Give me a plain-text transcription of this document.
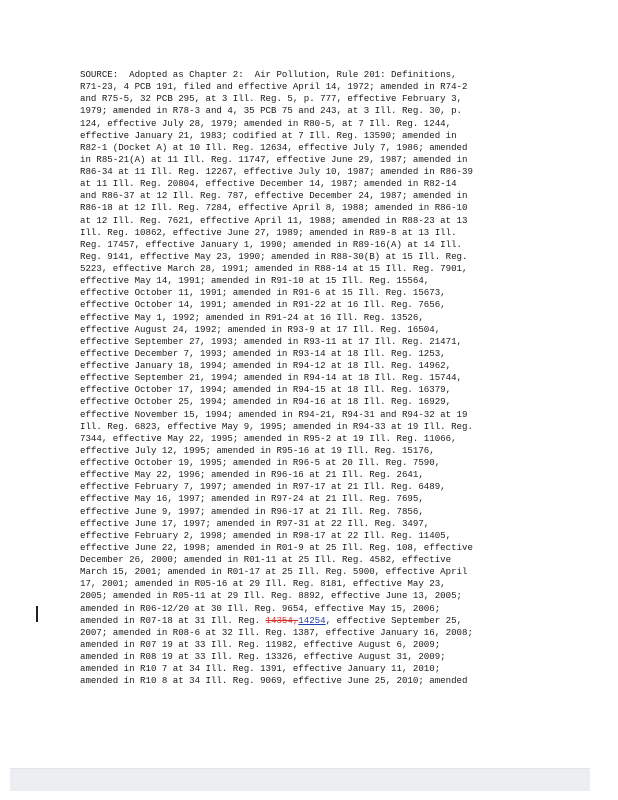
SOURCE:  Adopted as Chapter 2:  Air Pollution, Rule 201: Definitions,
R71-23, 4 PCB 191, filed and effective April 14, 1972; amended in R74-2
and R75-5, 32 PCB 295, at 3 Ill. Reg. 5, p. 777, effective February 3,
1979; amended in R78-3 and 4, 35 PCB 75 and 243, at 3 Ill. Reg. 30, p.
124, effective July 28, 1979; amended in R80-5, at 7 Ill. Reg. 1244,
effective January 21, 1983; codified at 7 Ill. Reg. 13590; amended in
R82-1 (Docket A) at 10 Ill. Reg. 12634, effective July 7, 1986; amended
in R85-21(A) at 11 Ill. Reg. 11747, effective June 29, 1987; amended in
R86-34 at 11 Ill. Reg. 12267, effective July 10, 1987; amended in R86-39
at 11 Ill. Reg. 20804, effective December 14, 1987; amended in R82-14
and R86-37 at 12 Ill. Reg. 787, effective December 24, 1987; amended in
R86-18 at 12 Ill. Reg. 7284, effective April 8, 1988; amended in R86-10
at 12 Ill. Reg. 7621, effective April 11, 1988; amended in R88-23 at 13
Ill. Reg. 10862, effective June 27, 1989; amended in R89-8 at 13 Ill.
Reg. 17457, effective January 1, 1990; amended in R89-16(A) at 14 Ill.
Reg. 9141, effective May 23, 1990; amended in R88-30(B) at 15 Ill. Reg.
5223, effective March 28, 1991; amended in R88-14 at 15 Ill. Reg. 7901,
effective May 14, 1991; amended in R91-10 at 15 Ill. Reg. 15564,
effective October 11, 1991; amended in R91-6 at 15 Ill. Reg. 15673,
effective October 14, 1991; amended in R91-22 at 16 Ill. Reg. 7656,
effective May 1, 1992; amended in R91-24 at 16 Ill. Reg. 13526,
effective August 24, 1992; amended in R93-9 at 17 Ill. Reg. 16504,
effective September 27, 1993; amended in R93-11 at 17 Ill. Reg. 21471,
effective December 7, 1993; amended in R93-14 at 18 Ill. Reg. 1253,
effective January 18, 1994; amended in R94-12 at 18 Ill. Reg. 14962,
effective September 21, 1994; amended in R94-14 at 18 Ill. Reg. 15744,
effective October 17, 1994; amended in R94-15 at 18 Ill. Reg. 16379,
effective October 25, 1994; amended in R94-16 at 18 Ill. Reg. 16929,
effective November 15, 1994; amended in R94-21, R94-31 and R94-32 at 19
Ill. Reg. 6823, effective May 9, 1995; amended in R94-33 at 19 Ill. Reg.
7344, effective May 22, 1995; amended in R95-2 at 19 Ill. Reg. 11066,
effective July 12, 1995; amended in R95-16 at 19 Ill. Reg. 15176,
effective October 19, 1995; amended in R96-5 at 20 Ill. Reg. 7590,
effective May 22, 1996; amended in R96-16 at 21 Ill. Reg. 2641,
effective February 7, 1997; amended in R97-17 at 21 Ill. Reg. 6489,
effective May 16, 1997; amended in R97-24 at 21 Ill. Reg. 7695,
effective June 9, 1997; amended in R96-17 at 21 Ill. Reg. 7856,
effective June 17, 1997; amended in R97-31 at 22 Ill. Reg. 3497,
effective February 2, 1998; amended in R98-17 at 22 Ill. Reg. 11405,
effective June 22, 1998; amended in R01-9 at 25 Ill. Reg. 108, effective
December 26, 2000; amended in R01-11 at 25 Ill. Reg. 4582, effective
March 15, 2001; amended in R01-17 at 25 Ill. Reg. 5900, effective April
17, 2001; amended in R05-16 at 29 Ill. Reg. 8181, effective May 23,
2005; amended in R05-11 at 29 Ill. Reg. 8892, effective June 13, 2005;
amended in R06-12/20 at 30 Ill. Reg. 9654, effective May 15, 2006;
amended in R07-18 at 31 Ill. Reg. 14354,14254, effective September 25,
2007; amended in R08-6 at 32 Ill. Reg. 1387, effective January 16, 2008;
amended in R07 19 at 33 Ill. Reg. 11982, effective August 6, 2009;
amended in R08 19 at 33 Ill. Reg. 13326, effective August 31, 2009;
amended in R10 7 at 34 Ill. Reg. 1391, effective January 11, 2010;
amended in R10 8 at 34 Ill. Reg. 9069, effective June 25, 2010; amended
